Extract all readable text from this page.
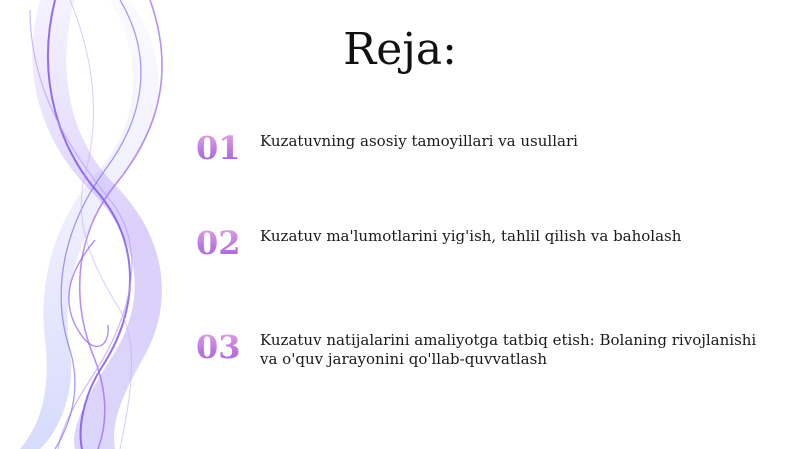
Reja:
01	Kuzatuvning asosiy tamoyillari va usullari
02	Kuzatuv ma'lumotlarini yig'ish, tahlil qilish va baholash
03	Kuzatuv natijalarini amaliyotga tatbiq etish: Bolaning rivojlanishi va o'quv jarayonini qo'llab-quvvatlash
